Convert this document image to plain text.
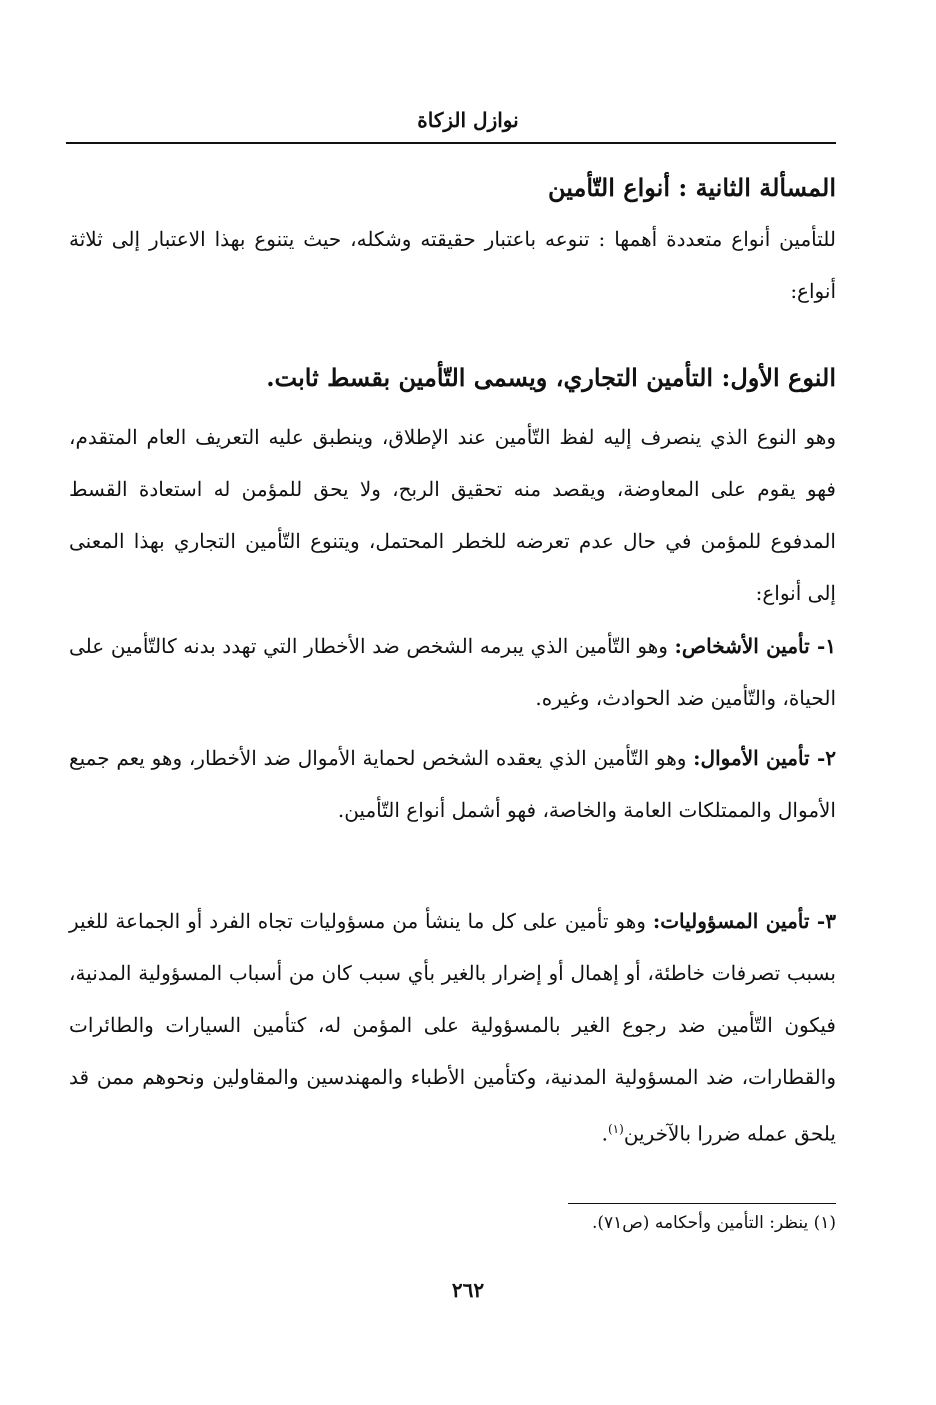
نوازل الزكاة
المسألة الثانية : أنواع التّأمين

للتأمين أنواع متعددة أهمها : تنوعه باعتبار حقيقته وشكله، حيث يتنوع بهذا الاعتبار إلى ثلاثة أنواع:

النوع الأول: التأمين التجاري، ويسمى التّأمين بقسط ثابت.

وهو النوع الذي ينصرف إليه لفظ التّأمين عند الإطلاق، وينطبق عليه التعريف العام المتقدم، فهو يقوم على المعاوضة، ويقصد منه تحقيق الربح، ولا يحق للمؤمن له استعادة القسط المدفوع للمؤمن في حال عدم تعرضه للخطر المحتمل، ويتنوع التّأمين التجاري بهذا المعنى إلى أنواع:

١- تأمين الأشخاص: وهو التّأمين الذي يبرمه الشخص ضد الأخطار التي تهدد بدنه كالتّأمين على الحياة، والتّأمين ضد الحوادث، وغيره.

٢- تأمين الأموال: وهو التّأمين الذي يعقده الشخص لحماية الأموال ضد الأخطار، وهو يعم جميع الأموال والممتلكات العامة والخاصة، فهو أشمل أنواع التّأمين.

٣- تأمين المسؤوليات: وهو تأمين على كل ما ينشأ من مسؤوليات تجاه الفرد أو الجماعة للغير بسبب تصرفات خاطئة، أو إهمال أو إضرار بالغير بأي سبب كان من أسباب المسؤولية المدنية، فيكون التّأمين ضد رجوع الغير بالمسؤولية على المؤمن له، كتأمين السيارات والطائرات والقطارات، ضد المسؤولية المدنية، وكتأمين الأطباء والمهندسين والمقاولين ونحوهم ممن قد يلحق عمله ضررا بالآخرين$^{(١)}$.

(١) ينظر: التأمين وأحكامه (ص٧١).
٢٦٢
